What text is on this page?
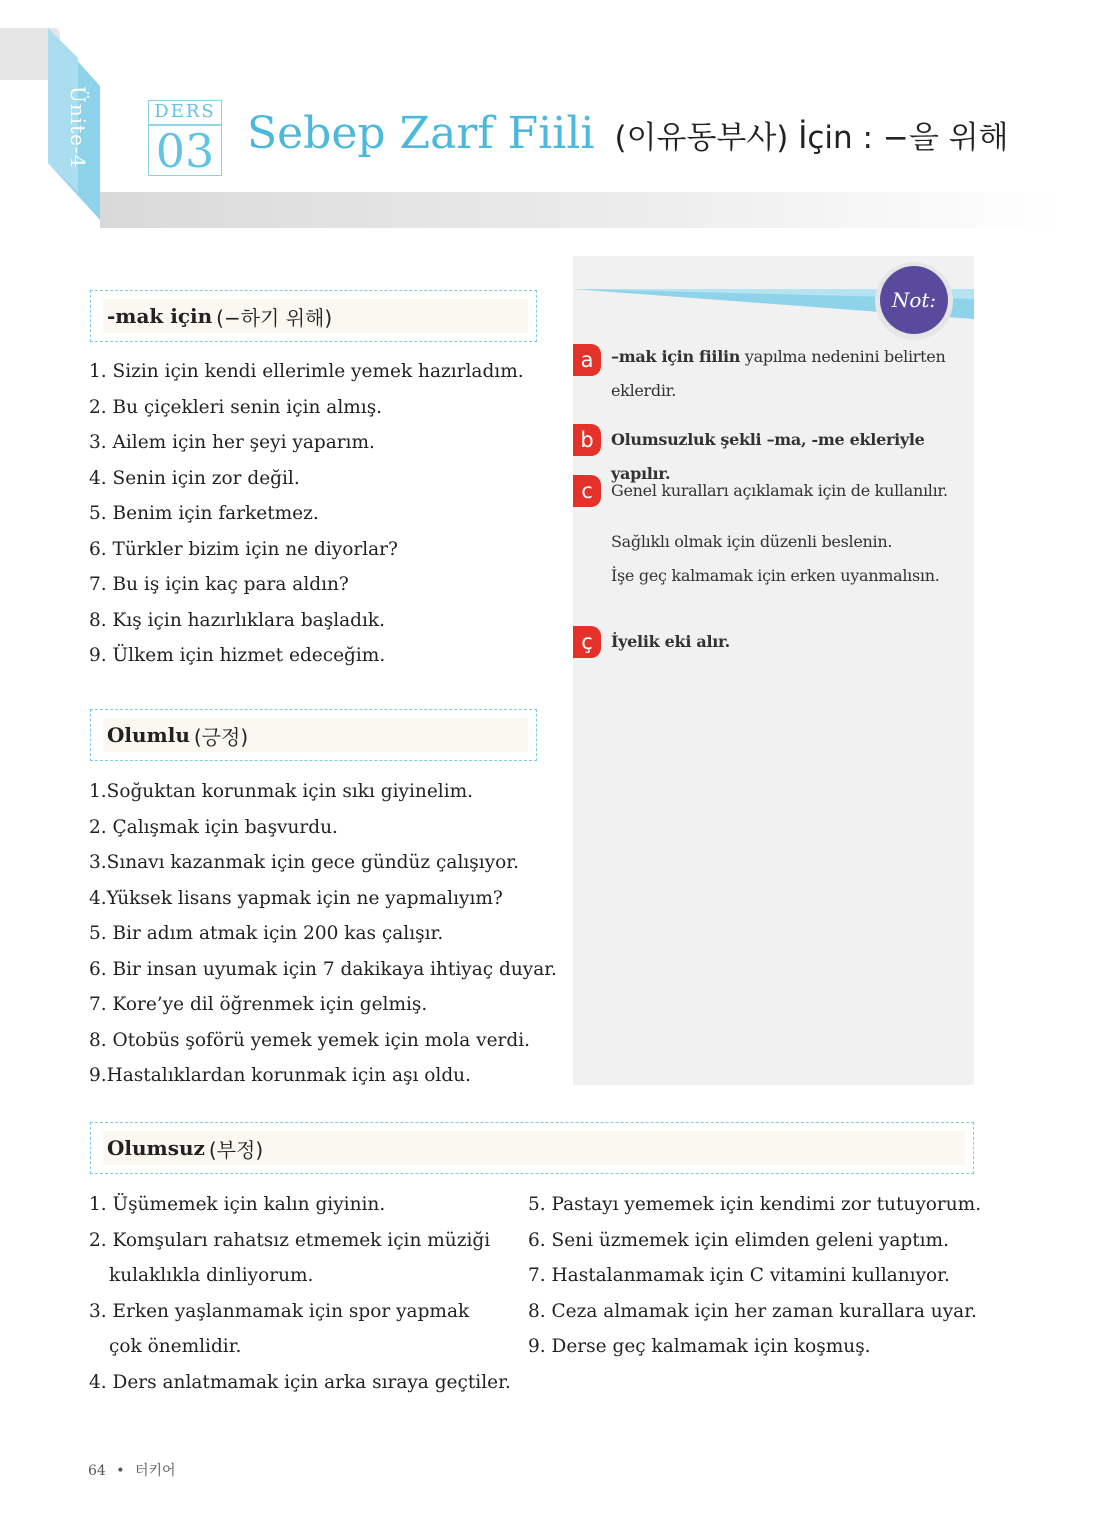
Ünite-4	DERS
03 Sebep Zarf Fiili (이유동부사) İçin : −을 위해
-mak için (−하기 위해)
1. Sizin için kendi ellerimle yemek hazırladım.
2. Bu çiçekleri senin için almış.
3. Ailem için her şeyi yaparım.
4. Senin için zor değil.
5. Benim için farketmez.
6. Türkler bizim için ne diyorlar?
7. Bu iş için kaç para aldın?
8. Kış için hazırlıklara başladık.
9. Ülkem için hizmet edeceğim.
Olumlu (긍정)
1.Soğuktan korunmak için sıkı giyinelim.
2. Çalışmak için başvurdu.
3.Sınavı kazanmak için gece gündüz çalışıyor.
4.Yüksek lisans yapmak için ne yapmalıyım?
5. Bir adım atmak için 200 kas çalışır.
6. Bir insan uyumak için 7 dakikaya ihtiyaç duyar.
7. Kore’ye dil öğrenmek için gelmiş.
8. Otobüs şoförü yemek yemek için mola verdi.
9.Hastalıklardan korunmak için aşı oldu.
Not:
a	–mak için fiilin yapılma nedenini belirten
eklerdir.
b	Olumsuzluk şekli –ma, -me ekleriyle yapılır.
c	Genel kuralları açıklamak için de kullanılır.
Sağlıklı olmak için düzenli beslenin.
İşe geç kalmamak için erken uyanmalısın.
ç	İyelik eki alır.
Olumsuz (부정)
1. Üşümemek için kalın giyinin.
2. Komşuları rahatsız etmemek için müziği
kulaklıkla dinliyorum.
3. Erken yaşlanmamak için spor yapmak
çok önemlidir.
4. Ders anlatmamak için arka sıraya geçtiler.
5. Pastayı yememek için kendimi zor tutuyorum.
6. Seni üzmemek için elimden geleni yaptım.
7. Hastalanmamak için C vitamini kullanıyor.
8. Ceza almamak için her zaman kurallara uyar.
9. Derse geç kalmamak için koşmuş.
64 • 터키어
